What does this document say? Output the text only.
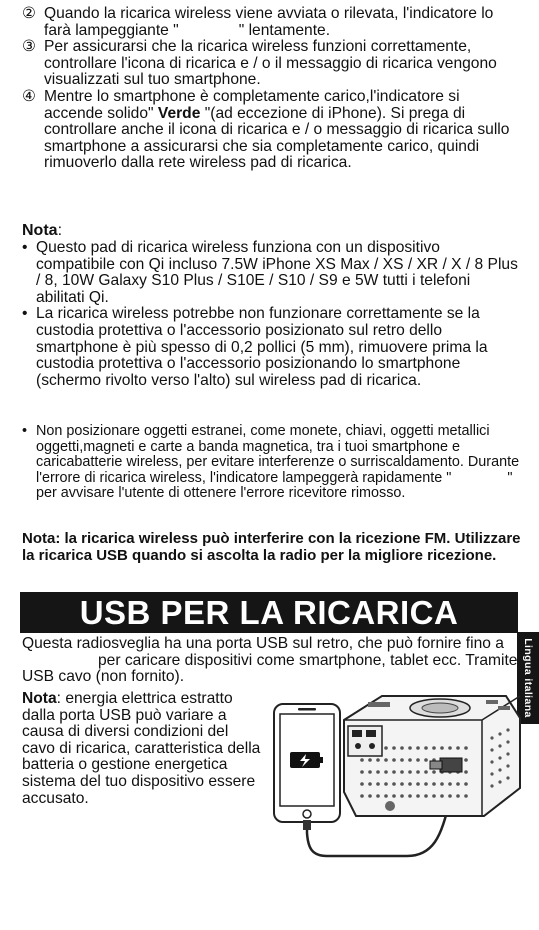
② Quando la ricarica wireless viene avviata o rilevata, l'indicatore lo farà lampeggiante "	" lentamente.
③ Per assicurarsi che la ricarica wireless funzioni correttamente, controllare l'icona di ricarica e / o il messaggio di ricarica vengono visualizzati sul tuo smartphone.
④ Mentre lo smartphone è completamente carico,l'indicatore si accende solido" Verde "(ad eccezione di iPhone). Si prega di controllare anche il icona di ricarica e / o messaggio di ricarica sullo smartphone a assicurarsi che sia completamente carico, quindi rimuoverlo dalla rete wireless pad di ricarica.
Nota:
• Questo pad di ricarica wireless funziona con un dispositivo compatibile con Qi incluso 7.5W iPhone XS Max / XS / XR / X / 8 Plus / 8, 10W Galaxy S10 Plus / S10E / S10 / S9 e 5W tutti i telefoni abilitati Qi.
• La ricarica wireless potrebbe non funzionare correttamente se la custodia protettiva o l'accessorio posizionato sul retro dello smartphone è più spesso di 0,2 pollici (5 mm), rimuovere prima la custodia protettiva o l'accessorio posizionando lo smartphone (schermo rivolto verso l'alto) sul wireless pad di ricarica.
• Non posizionare oggetti estranei, come monete, chiavi, oggetti metallici oggetti,magneti e carte a banda magnetica, tra i tuoi smartphone e caricabatterie wireless, per evitare interferenze o surriscaldamento. Durante l'errore di ricarica wireless, l'indicatore lampeggerà rapidamente "	" per avvisare l'utente di ottenere l'errore ricevitore rimosso.
Nota: la ricarica wireless può interferire con la ricezione FM. Utilizzare la ricarica USB quando si ascolta la radio per la migliore ricezione.
USB PER LA RICARICA
Lingua italiana
Questa radiosveglia ha una porta USB sul retro, che può fornire fino aper caricare dispositivi come smartphone, tablet ecc. Tramite USB cavo (non fornito).
Nota: energia elettrica estratto dalla porta USB può variare a causa di diversi condizioni del cavo di ricarica, caratteristica della batteria o gestione energetica sistema del tuo dispositivo essere accusato.
